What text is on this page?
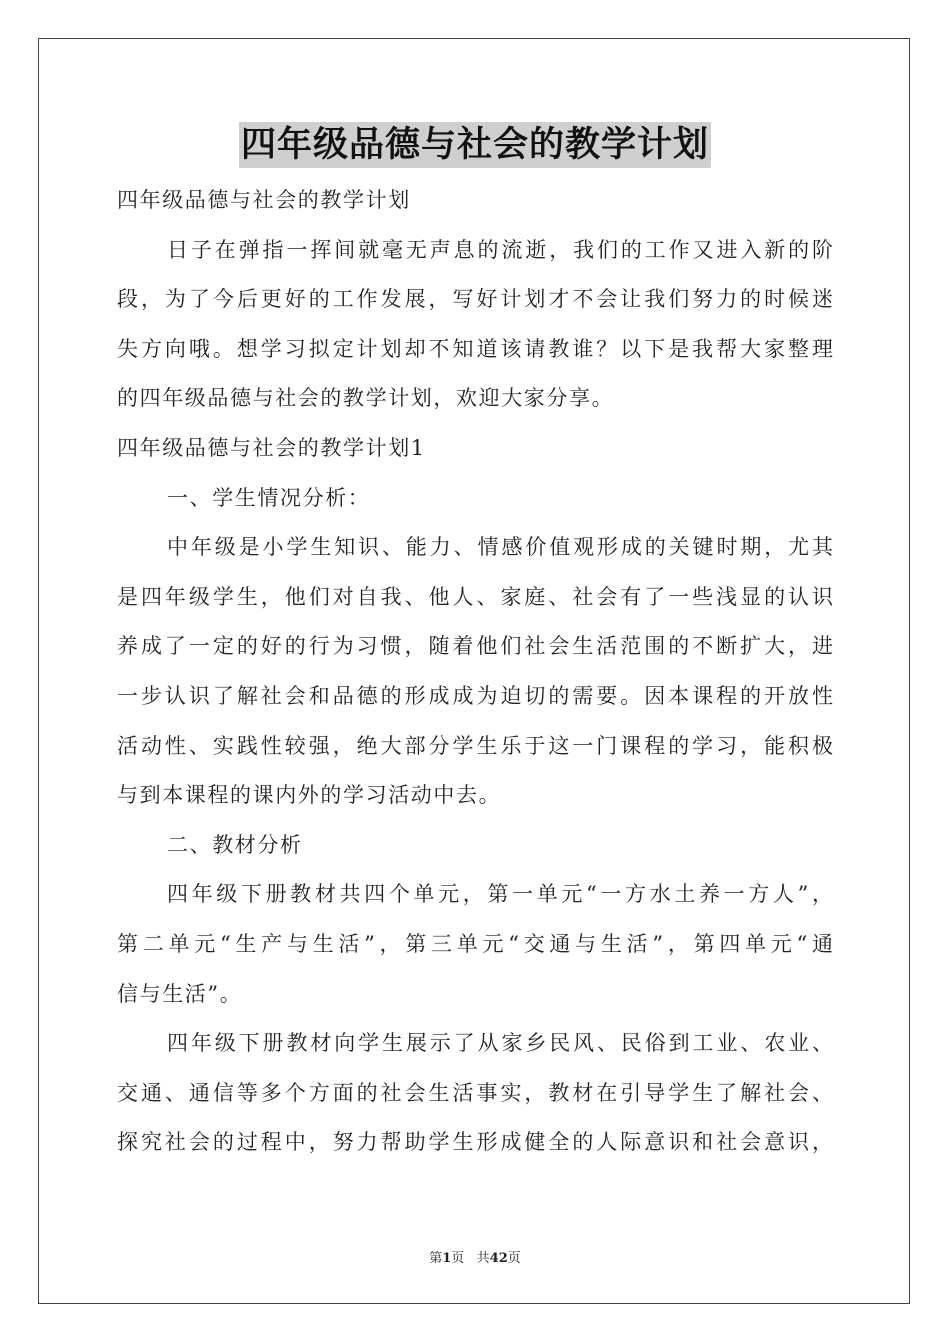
四年级品德与社会的教学计划
四年级品德与社会的教学计划
日子在弹指一挥间就毫无声息的流逝，我们的工作又进入新的阶
段，为了今后更好的工作发展，写好计划才不会让我们努力的时候迷
失方向哦。想学习拟定计划却不知道该请教谁？以下是我帮大家整理
的四年级品德与社会的教学计划，欢迎大家分享。
四年级品德与社会的教学计划1
一、学生情况分析：
中年级是小学生知识、能力、情感价值观形成的关键时期，尤其
是四年级学生，他们对自我、他人、家庭、社会有了一些浅显的认识
养成了一定的好的行为习惯，随着他们社会生活范围的不断扩大，进
一步认识了解社会和品德的形成成为迫切的需要。因本课程的开放性
活动性、实践性较强，绝大部分学生乐于这一门课程的学习，能积极
与到本课程的课内外的学习活动中去。
二、教材分析
四年级下册教材共四个单元，第一单元“一方水土养一方人”，
第二单元“生产与生活”，第三单元“交通与生活”，第四单元“通
信与生活”。
四年级下册教材向学生展示了从家乡民风、民俗到工业、农业、
交通、通信等多个方面的社会生活事实，教材在引导学生了解社会、
探究社会的过程中，努力帮助学生形成健全的人际意识和社会意识，
第1页 共42页
